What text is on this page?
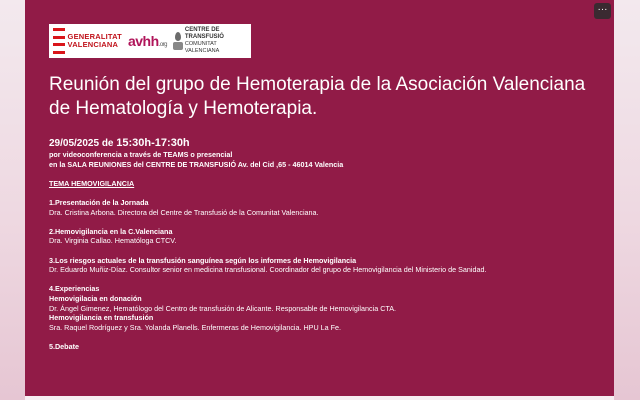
GENERALITAT
VALENCIANA avhh.org
CENTRE DE TRANSFUSIÓ
COMUNITAT VALENCIANA
Reunión del grupo de Hemoterapia de la Asociación Valenciana de Hematología y Hemoterapia.
29/05/2025 de 15:30h-17:30h
por videoconferencia a través de TEAMS o presencial
en la SALA REUNIONES del CENTRE DE TRANSFUSIÓ Av. del Cid ,65 - 46014 Valencia
TEMA HEMOVIGILANCIA
1.Presentación de la Jornada
Dra. Cristina Arbona. Directora del Centre de Transfusió de la Comunitat Valenciana.
2.Hemovigilancia en la C.Valenciana
Dra. Virginia Callao. Hematóloga CTCV.
3.Los riesgos actuales de la transfusión sanguínea según los informes de Hemovigilancia
Dr. Eduardo Muñiz-Díaz. Consultor senior en medicina transfusional. Coordinador del grupo de Hemovigilancia del Ministerio de Sanidad.
4.Experiencias
Hemovigilacia en donación
Dr. Ángel Gimenez, Hematólogo del Centro de transfusión de Alicante. Responsable de Hemovigilancia CTA.
Hemovigilancia en transfusión
Sra. Raquel Rodríguez y Sra. Yolanda Planells. Enfermeras de Hemovigilancia. HPU La Fe.
5.Debate
···
